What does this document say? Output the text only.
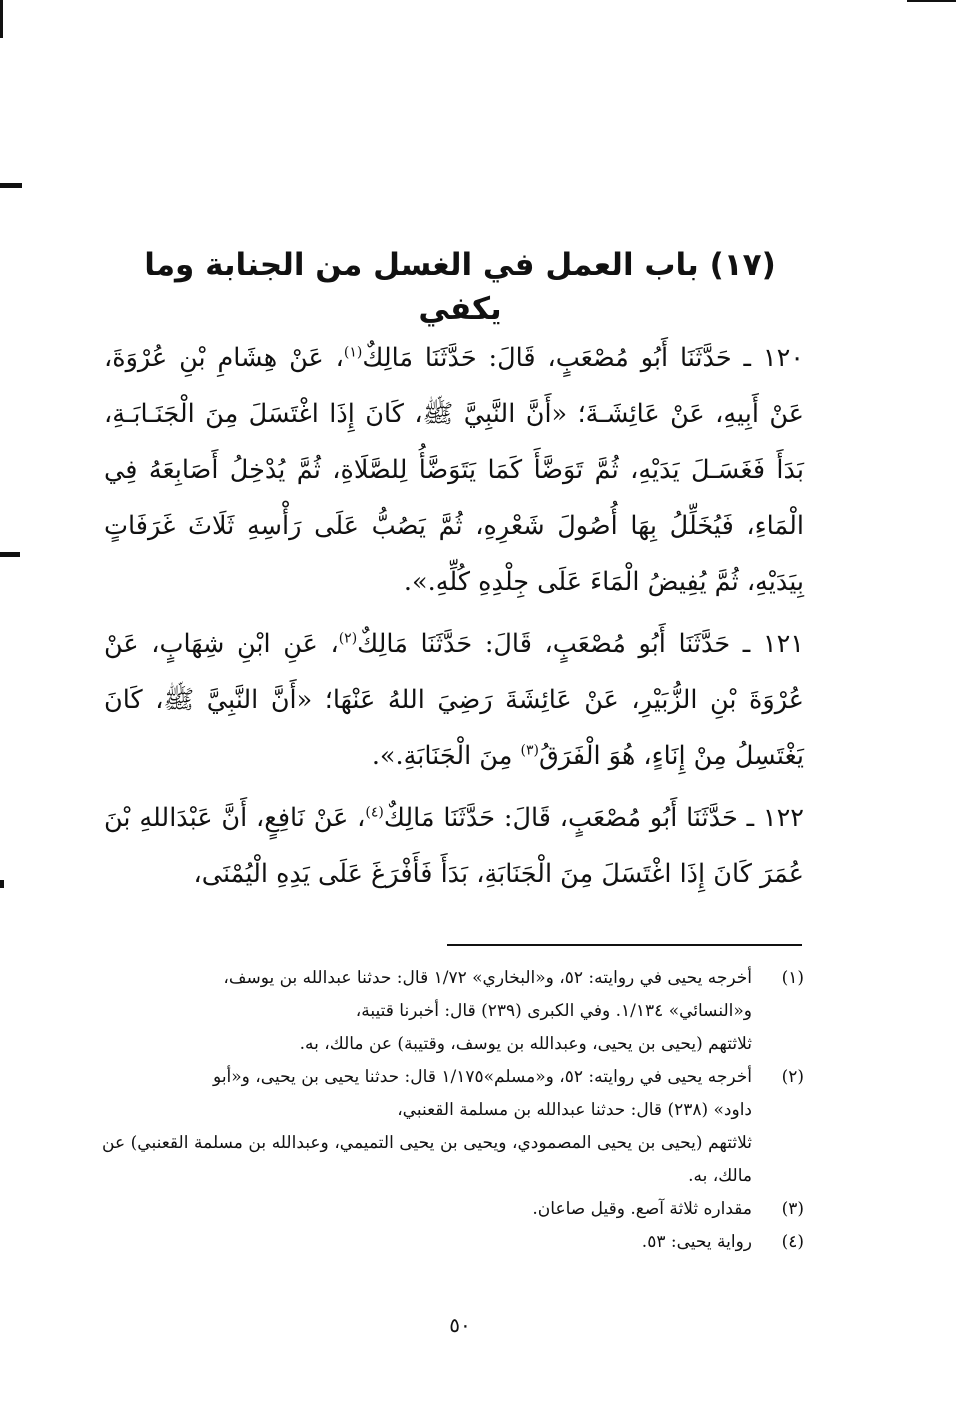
(١٧) باب العمل في الغسل من الجنابة وما يكفي

١٢٠ ـ حَدَّثَنَا أَبُو مُصْعَبٍ، قَالَ: حَدَّثَنَا مَالِكٌ$^{(١)}$، عَنْ هِشَامِ بْنِ عُرْوَةَ، عَنْ أَبِيهِ، عَنْ عَائِشَـةَ؛ «أَنَّ النَّبِيَّ ﷺ، كَانَ إِذَا اغْتَسَلَ مِنَ الْجَنَـابَـةِ، بَدَأَ فَغَسَـلَ يَدَيْهِ، ثُمَّ تَوَضَّأَ كَمَا يَتَوَضَّأُ لِلصَّلَاةِ، ثُمَّ يُدْخِلُ أَصَابِعَهُ فِي الْمَاءِ، فَيُخَلِّلُ بِهَا أُصُولَ شَعْرِهِ، ثُمَّ يَصُبُّ عَلَى رَأْسِهِ ثَلَاثَ غَرَفَاتٍ بِيَدَيْهِ، ثُمَّ يُفِيضُ الْمَاءَ عَلَى جِلْدِهِ كُلِّهِ.».

١٢١ ـ حَدَّثَنَا أَبُو مُصْعَبٍ، قَالَ: حَدَّثَنَا مَالِكٌ$^{(٢)}$، عَنِ ابْنِ شِهَابٍ، عَنْ عُرْوَةَ بْنِ الزُّبَيْرِ، عَنْ عَائِشَةَ رَضِيَ اللهُ عَنْهَا؛ «أَنَّ النَّبِيَّ ﷺ، كَانَ يَغْتَسِلُ مِنْ إِنَاءٍ، هُوَ الْفَرَقُ$^{(٣)}$ مِنَ الْجَنَابَةِ.».

١٢٢ ـ حَدَّثَنَا أَبُو مُصْعَبٍ، قَالَ: حَدَّثَنَا مَالِكٌ$^{(٤)}$، عَنْ نَافِعٍ، أَنَّ عَبْدَاللهِ بْنَ عُمَرَ كَانَ إِذَا اغْتَسَلَ مِنَ الْجَنَابَةِ، بَدَأَ فَأَفْرَغَ عَلَى يَدِهِ الْيُمْنَى،

(١)
أخرجه يحيى في روايته: ٥٢، و«البخاري» ١/٧٢ قال: حدثنا عبدالله بن يوسف،
و«النسائي» ١/١٣٤. وفي الكبرى (٢٣٩) قال: أخبرنا قتيبة،
ثلاثتهم (يحيى بن يحيى، وعبدالله بن يوسف، وقتيبة) عن مالك، به.
(٢)
أخرجه يحيى في روايته: ٥٢، و«مسلم»١/١٧٥ قال: حدثنا يحيى بن يحيى، و«أبو
داود» (٢٣٨) قال: حدثنا عبدالله بن مسلمة القعنبي،
ثلاثتهم (يحيى بن يحيى المصمودي، ويحيى بن يحيى التميمي، وعبدالله بن مسلمة القعنبي) عن مالك، به.
(٣)
مقداره ثلاثة آصع. وقيل صاعان.
(٤)
رواية يحيى: ٥٣.
٥٠
